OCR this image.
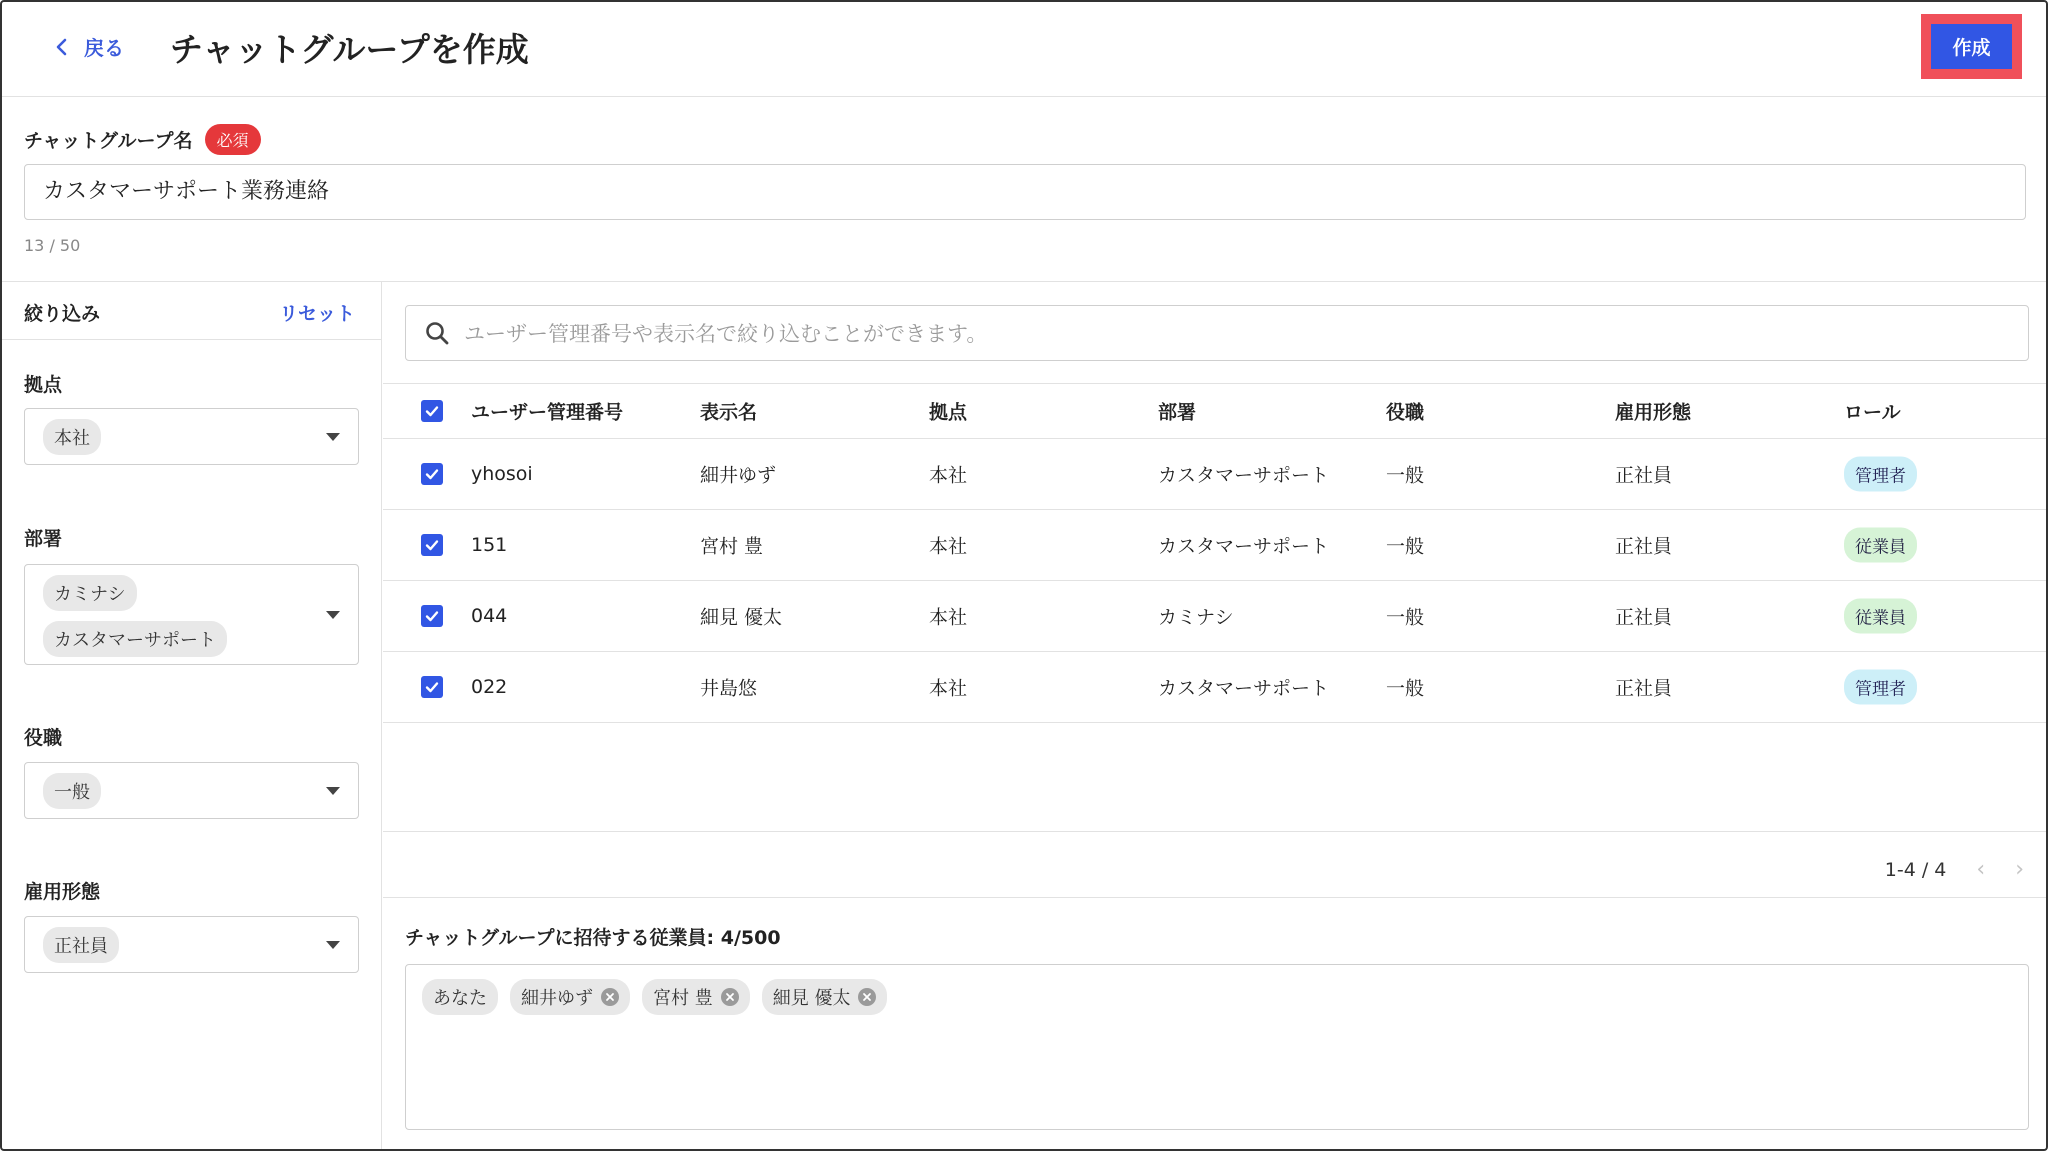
戻る チャットグループを作成	作成
チャットグループ名	必須
カスタマーサポート業務連絡
13 / 50
絞り込み	リセット
拠点
本社
部署
カミナシ
カスタマーサポート
役職
一般
雇用形態
正社員
ユーザー管理番号や表示名で絞り込むことができます。
ユーザー管理番号	表示名	拠点	部署	役職	雇用形態	ロール
yhosoi	細井ゆず	本社	カスタマーサポート	一般	正社員	管理者
151	宮村 豊	本社	カスタマーサポート	一般	正社員	従業員
044	細見 優太	本社	カミナシ	一般	正社員	従業員
022	井島悠	本社	カスタマーサポート	一般	正社員	管理者
1-4 / 4 ‹ ›
チャットグループに招待する従業員: 4/500
あなた 細井ゆず	宮村 豊	細見 優太
